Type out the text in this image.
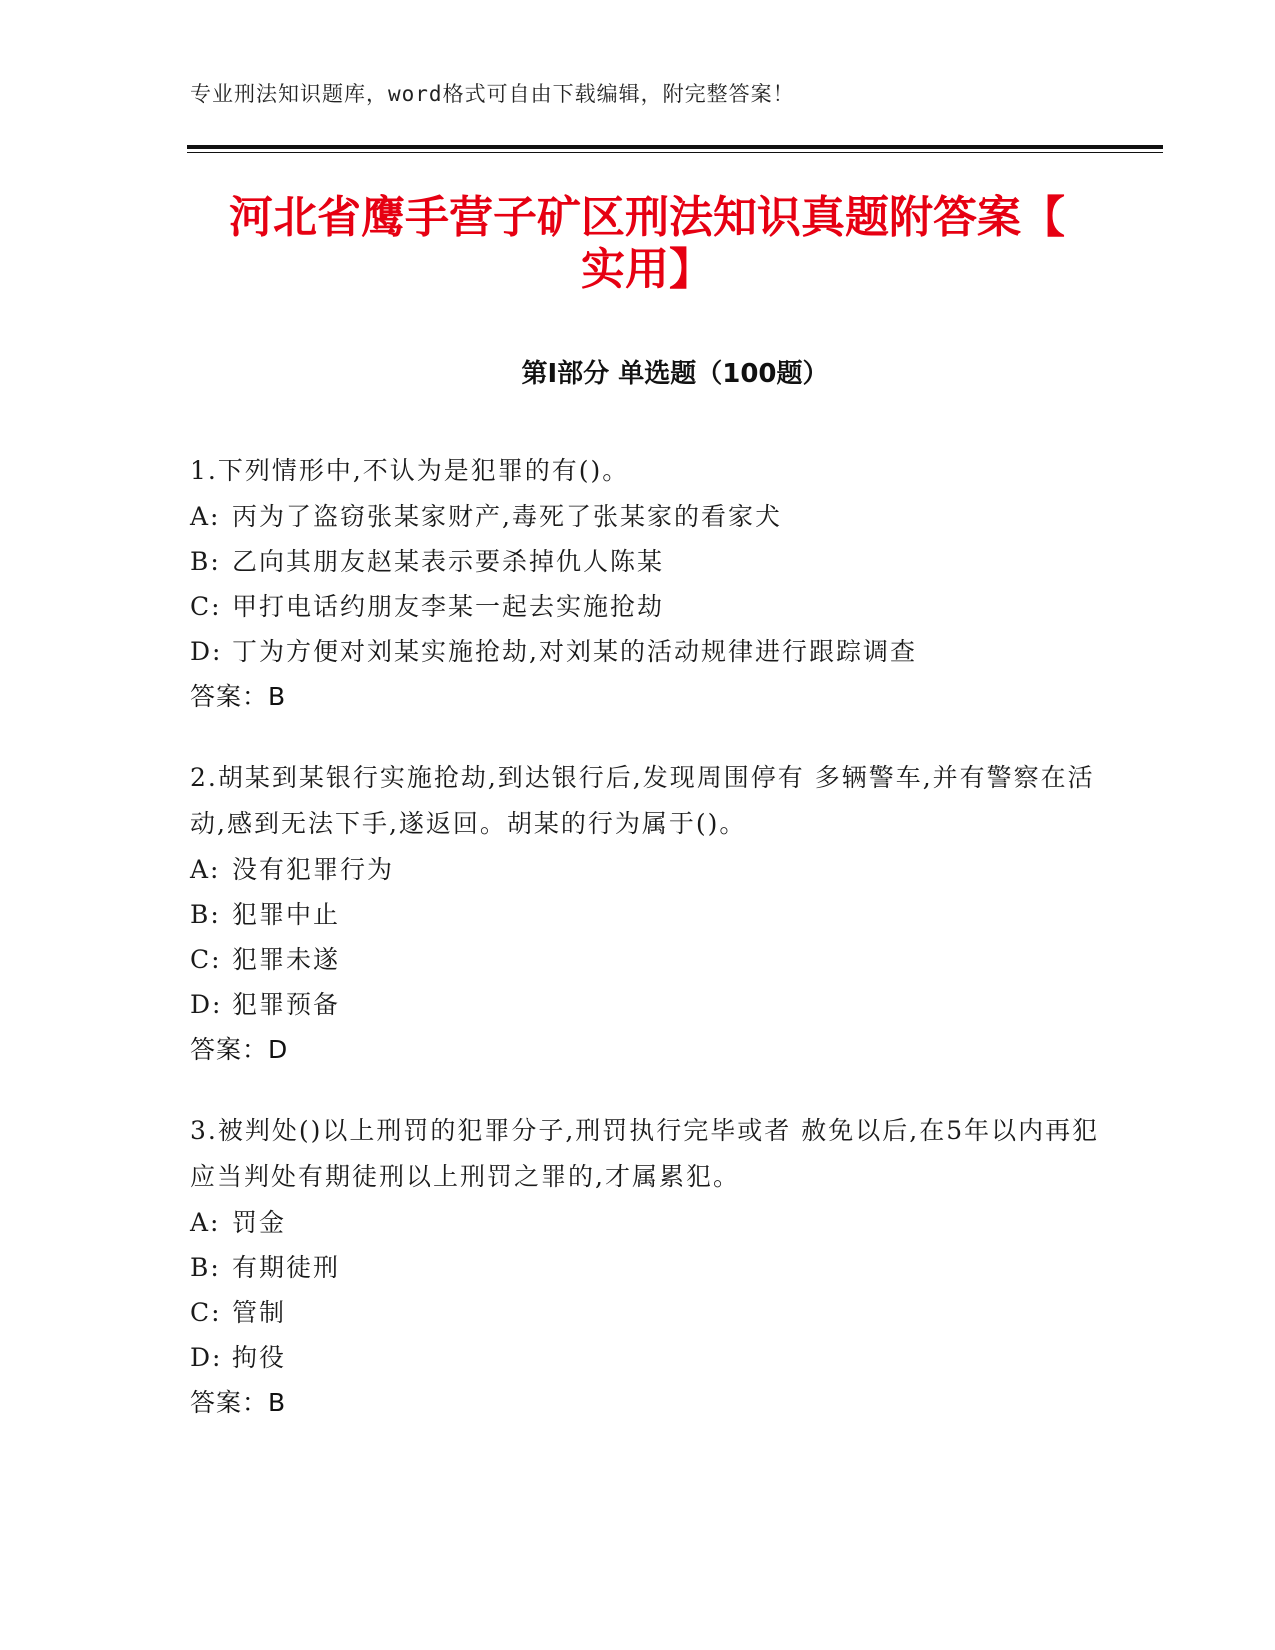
专业刑法知识题库，word格式可自由下载编辑，附完整答案！
河北省鹰手营子矿区刑法知识真题附答案【
实用】
第Ⅰ部分 单选题（100题）
1.下列情形中,不认为是犯罪的有()。
A: 丙为了盗窃张某家财产,毒死了张某家的看家犬
B: 乙向其朋友赵某表示要杀掉仇人陈某
C: 甲打电话约朋友李某一起去实施抢劫
D: 丁为方便对刘某实施抢劫,对刘某的活动规律进行跟踪调查
答案：B
2.胡某到某银行实施抢劫,到达银行后,发现周围停有 多辆警车,并有警察在活动,感到无法下手,遂返回。胡某的行为属于()。
A: 没有犯罪行为
B: 犯罪中止
C: 犯罪未遂
D: 犯罪预备
答案：D
3.被判处()以上刑罚的犯罪分子,刑罚执行完毕或者 赦免以后,在5年以内再犯应当判处有期徒刑以上刑罚之罪的,才属累犯。
A: 罚金
B: 有期徒刑
C: 管制
D: 拘役
答案：B
